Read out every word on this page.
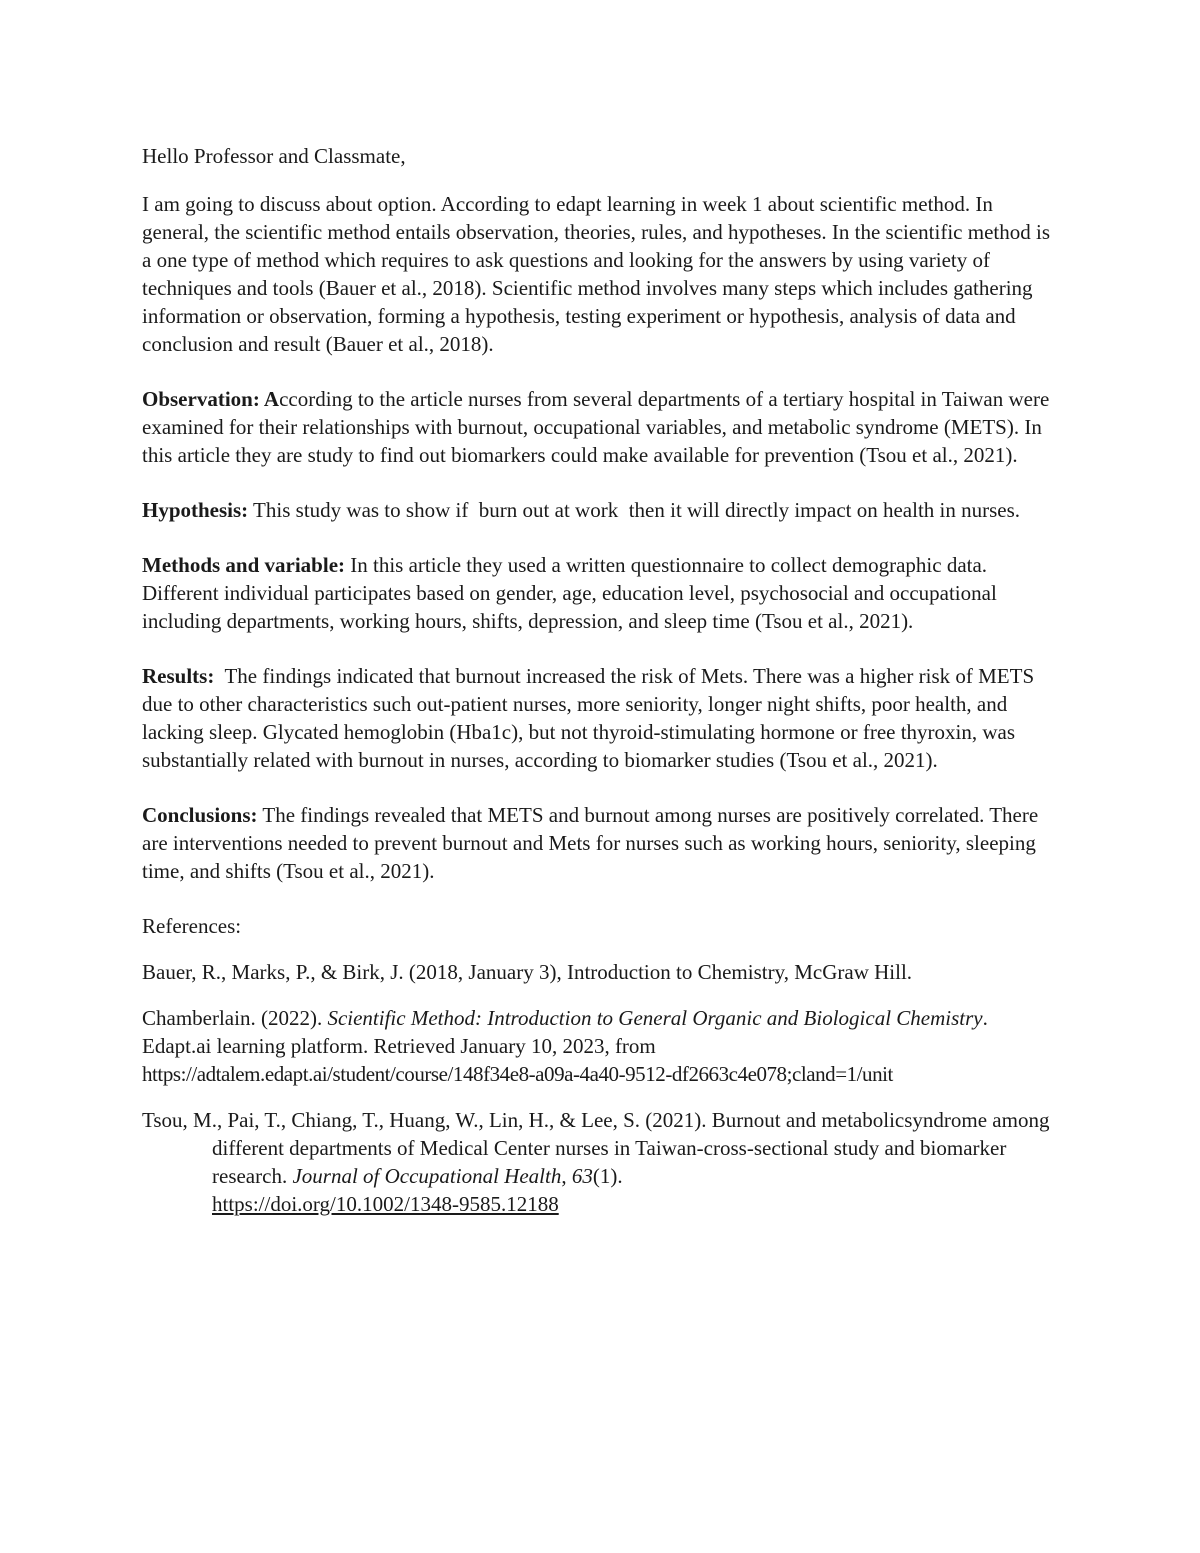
Hello Professor and Classmate,

I am going to discuss about option. According to edapt learning in week 1 about scientific method. In general, the scientific method entails observation, theories, rules, and hypotheses. In the scientific method is a one type of method which requires to ask questions and looking for the answers by using variety of techniques and tools (Bauer et al., 2018). Scientific method involves many steps which includes gathering information or observation, forming a hypothesis, testing experiment or hypothesis, analysis of data and conclusion and result (Bauer et al., 2018).

Observation: According to the article nurses from several departments of a tertiary hospital in Taiwan were examined for their relationships with burnout, occupational variables, and metabolic syndrome (METS). In this article they are study to find out biomarkers could make available for prevention (Tsou et al., 2021).

Hypothesis: This study was to show if  burn out at work  then it will directly impact on health in nurses.

Methods and variable: In this article they used a written questionnaire to collect demographic data. Different individual participates based on gender, age, education level, psychosocial and occupational including departments, working hours, shifts, depression, and sleep time (Tsou et al., 2021).

Results:  The findings indicated that burnout increased the risk of Mets. There was a higher risk of METS due to other characteristics such out-patient nurses, more seniority, longer night shifts, poor health, and lacking sleep. Glycated hemoglobin (Hba1c), but not thyroid-stimulating hormone or free thyroxin, was substantially related with burnout in nurses, according to biomarker studies (Tsou et al., 2021).

Conclusions: The findings revealed that METS and burnout among nurses are positively correlated. There are interventions needed to prevent burnout and Mets for nurses such as working hours, seniority, sleeping time, and shifts (Tsou et al., 2021).

References:

Bauer, R., Marks, P., & Birk, J. (2018, January 3), Introduction to Chemistry, McGraw Hill.

Chamberlain. (2022). Scientific Method: Introduction to General Organic and Biological Chemistry. Edapt.ai learning platform. Retrieved January 10, 2023, from
https://adtalem.edapt.ai/student/course/148f34e8-a09a-4a40-9512-df2663c4e078;cland=1/unit

Tsou, M., Pai, T., Chiang, T., Huang, W., Lin, H., & Lee, S. (2021). Burnout and metabolicsyndrome among different departments of Medical Center nurses in Taiwan-cross-sectional study and biomarker research. Journal of Occupational Health, 63(1).
https://doi.org/10.1002/1348-9585.12188
